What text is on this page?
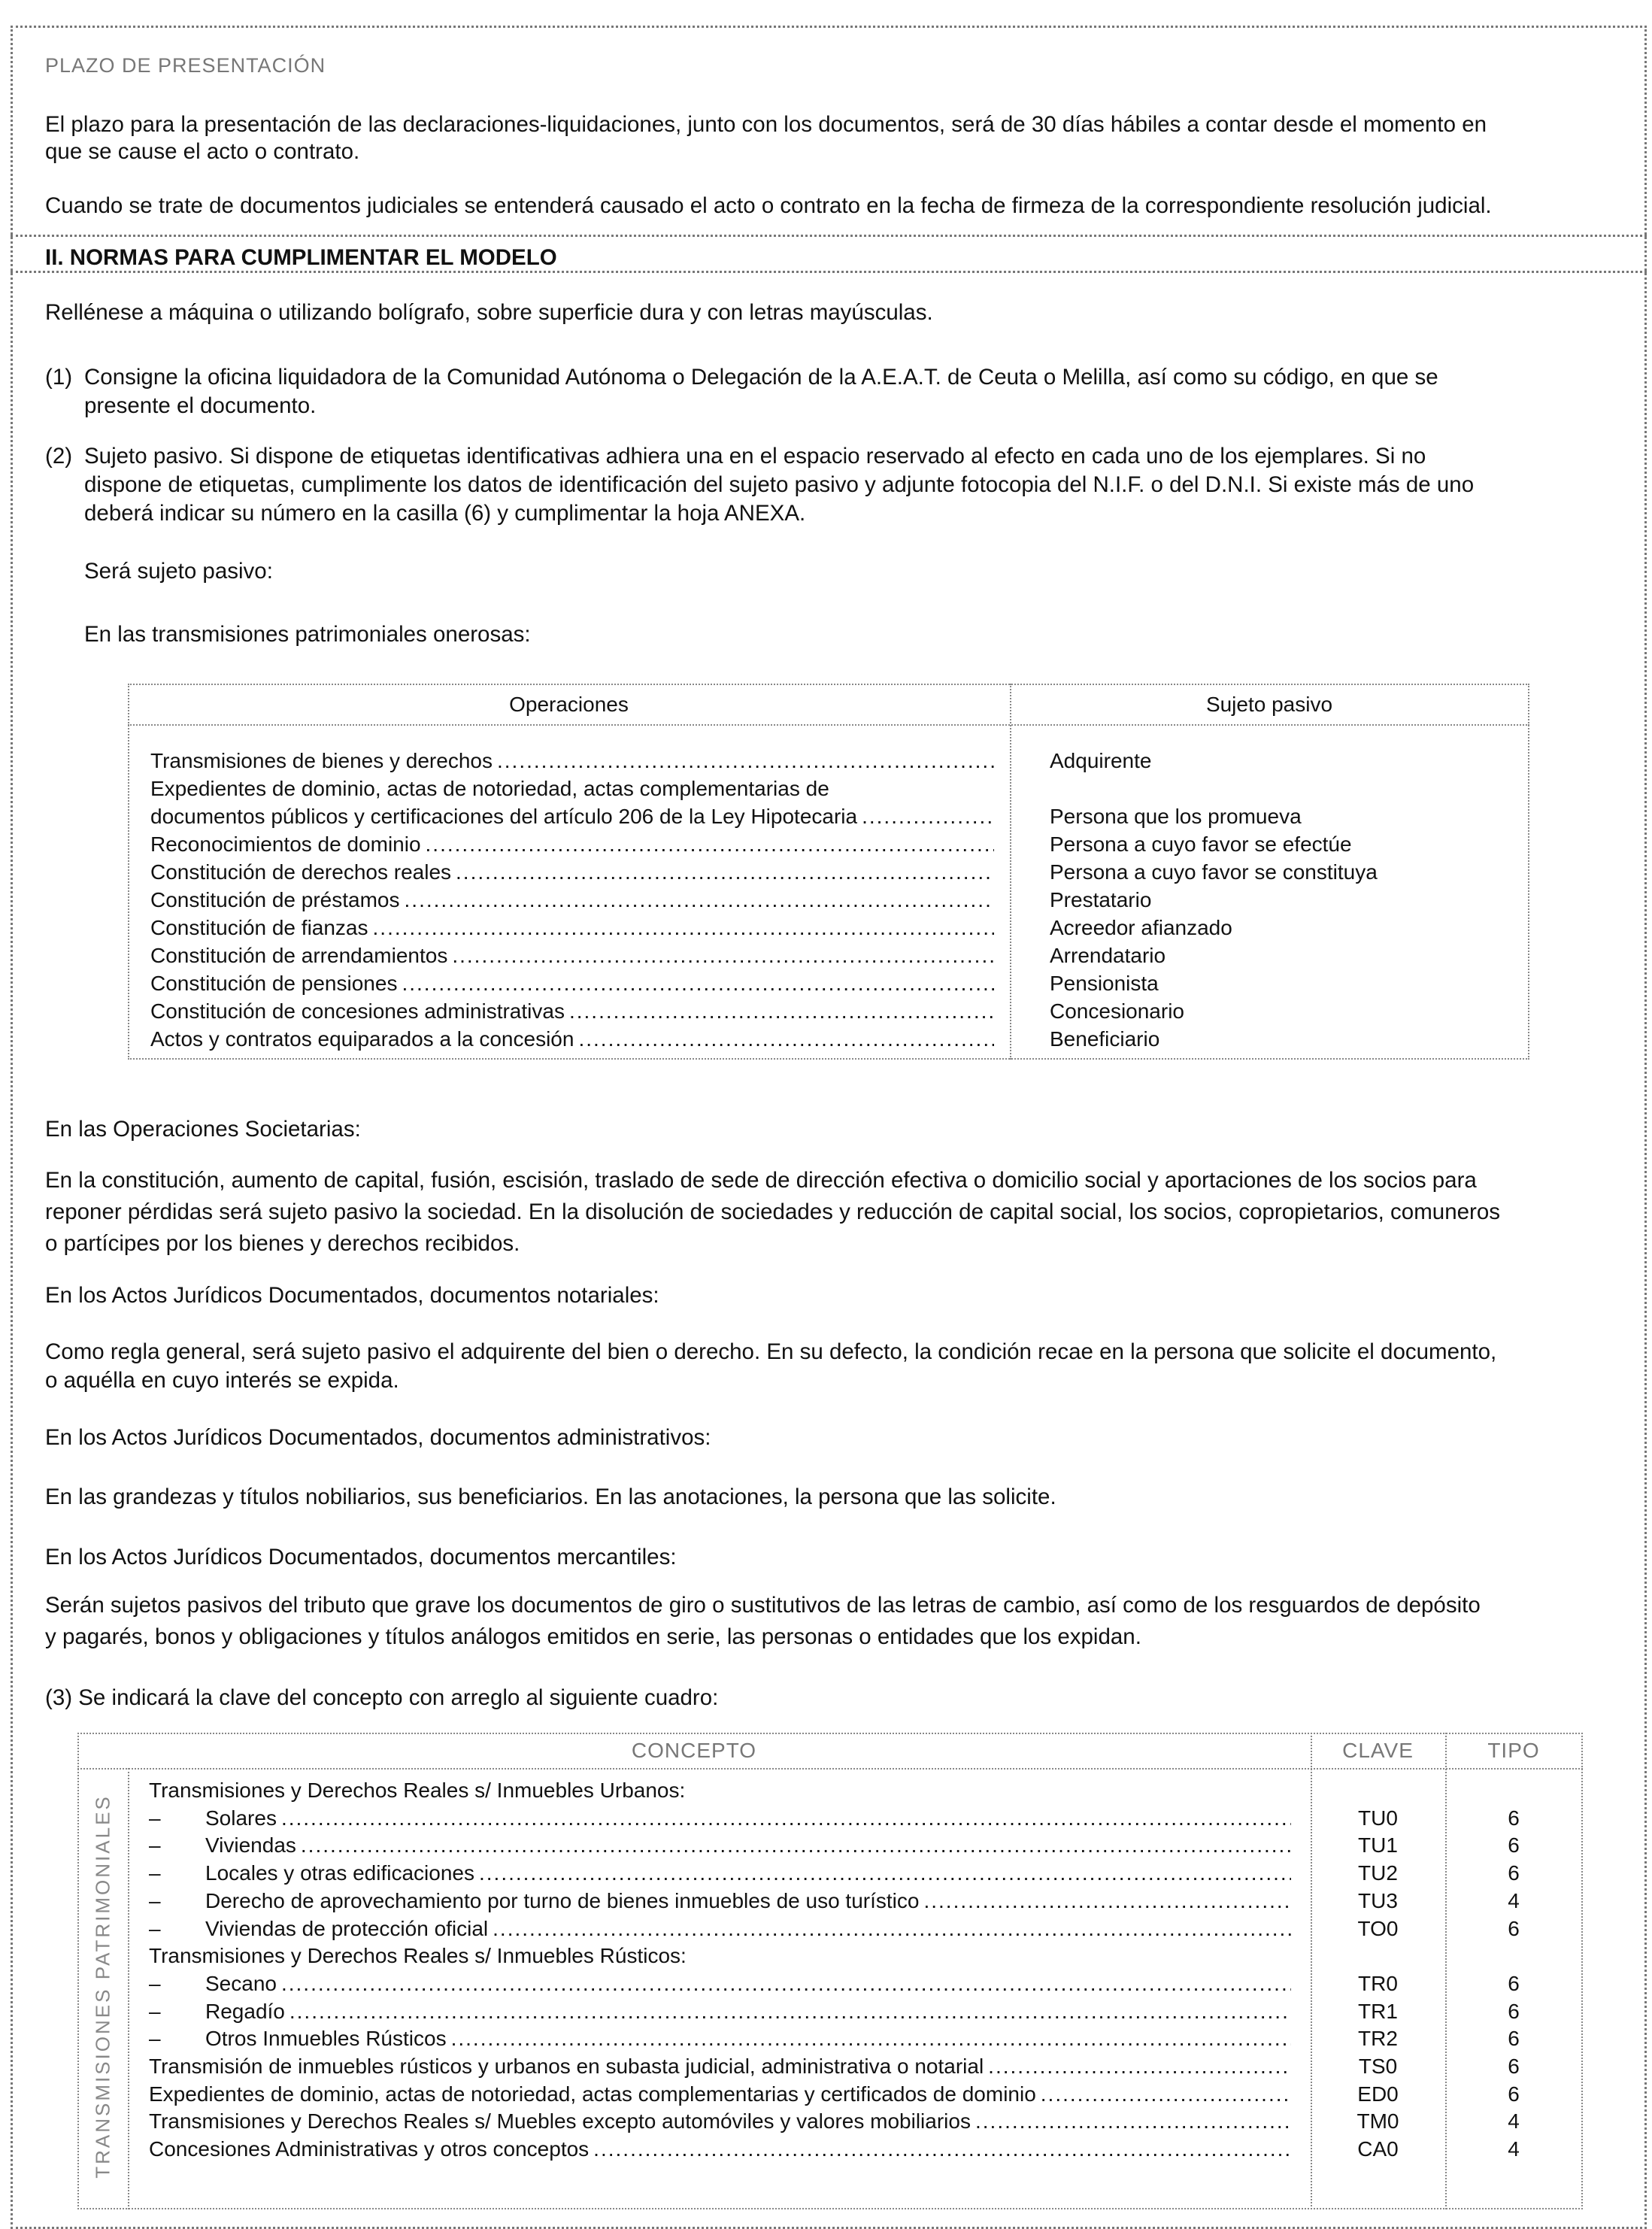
PLAZO DE PRESENTACIÓN
El plazo para la presentación de las declaraciones-liquidaciones, junto con los documentos, será de 30 días hábiles a contar desde el momento en
que se cause el acto o contrato.
Cuando se trate de documentos judiciales se entenderá causado el acto o contrato en la fecha de firmeza de la correspondiente resolución judicial.
II. NORMAS PARA CUMPLIMENTAR EL MODELO
Rellénese a máquina o utilizando bolígrafo, sobre superficie dura y con letras mayúsculas.
(1) Consigne la oficina liquidadora de la Comunidad Autónoma o Delegación de la A.E.A.T. de Ceuta o Melilla, así como su código, en que se
presente el documento.
(2) Sujeto pasivo. Si dispone de etiquetas identificativas adhiera una en el espacio reservado al efecto en cada uno de los ejemplares. Si no
dispone de etiquetas, cumplimente los datos de identificación del sujeto pasivo y adjunte fotocopia del N.I.F. o del D.N.I. Si existe más de uno
deberá indicar su número en la casilla (6) y cumplimentar la hoja ANEXA.
Será sujeto pasivo:
En las transmisiones patrimoniales onerosas:
En las Operaciones Societarias:
En la constitución, aumento de capital, fusión, escisión, traslado de sede de dirección efectiva o domicilio social y aportaciones de los socios para
reponer pérdidas será sujeto pasivo la sociedad. En la disolución de sociedades y reducción de capital social, los socios, copropietarios, comuneros
o partícipes por los bienes y derechos recibidos.
En los Actos Jurídicos Documentados, documentos notariales:
Como regla general, será sujeto pasivo el adquirente del bien o derecho. En su defecto, la condición recae en la persona que solicite el documento,
o aquélla en cuyo interés se expida.
En los Actos Jurídicos Documentados, documentos administrativos:
En las grandezas y títulos nobiliarios, sus beneficiarios. En las anotaciones, la persona que las solicite.
En los Actos Jurídicos Documentados, documentos mercantiles:
Serán sujetos pasivos del tributo que grave los documentos de giro o sustitutivos de las letras de cambio, así como de los resguardos de depósito
y pagarés, bonos y obligaciones y títulos análogos emitidos en serie, las personas o entidades que los expidan.
(3) Se indicará la clave del concepto con arreglo al siguiente cuadro:
Operaciones	Sujeto pasivo
Transmisiones de bienes y derechos .....	Adquirente
Expedientes de dominio, actas de notoriedad, actas complementarias de
documentos públicos y certificaciones del artículo 206 de la Ley Hipotecaria .....	Persona que los promueva
Reconocimientos de dominio .....	Persona a cuyo favor se efectúe
Constitución de derechos reales .....	Persona a cuyo favor se constituya
Constitución de préstamos .....	Prestatario
Constitución de fianzas .....	Acreedor afianzado
Constitución de arrendamientos .....	Arrendatario
Constitución de pensiones .....	Pensionista
Constitución de concesiones administrativas .....	Concesionario
Actos y contratos equiparados a la concesión .....	Beneficiario
CONCEPTO	CLAVE	TIPO
TRANSMISIONES PATRIMONIALES
Transmisiones y Derechos Reales s/ Inmuebles Urbanos:
– Solares .....	TU0	6
– Viviendas .....	TU1	6
– Locales y otras edificaciones .....	TU2	6
– Derecho de aprovechamiento por turno de bienes inmuebles de uso turístico .....	TU3	4
– Viviendas de protección oficial .....	TO0	6
Transmisiones y Derechos Reales s/ Inmuebles Rústicos:
– Secano .....	TR0	6
– Regadío .....	TR1	6
– Otros Inmuebles Rústicos .....	TR2	6
Transmisión de inmuebles rústicos y urbanos en subasta judicial, administrativa o notarial .....	TS0	6
Expedientes de dominio, actas de notoriedad, actas complementarias y certificados de dominio .....	ED0	6
Transmisiones y Derechos Reales s/ Muebles excepto automóviles y valores mobiliarios .....	TM0	4
Concesiones Administrativas y otros conceptos .....	CA0	4
